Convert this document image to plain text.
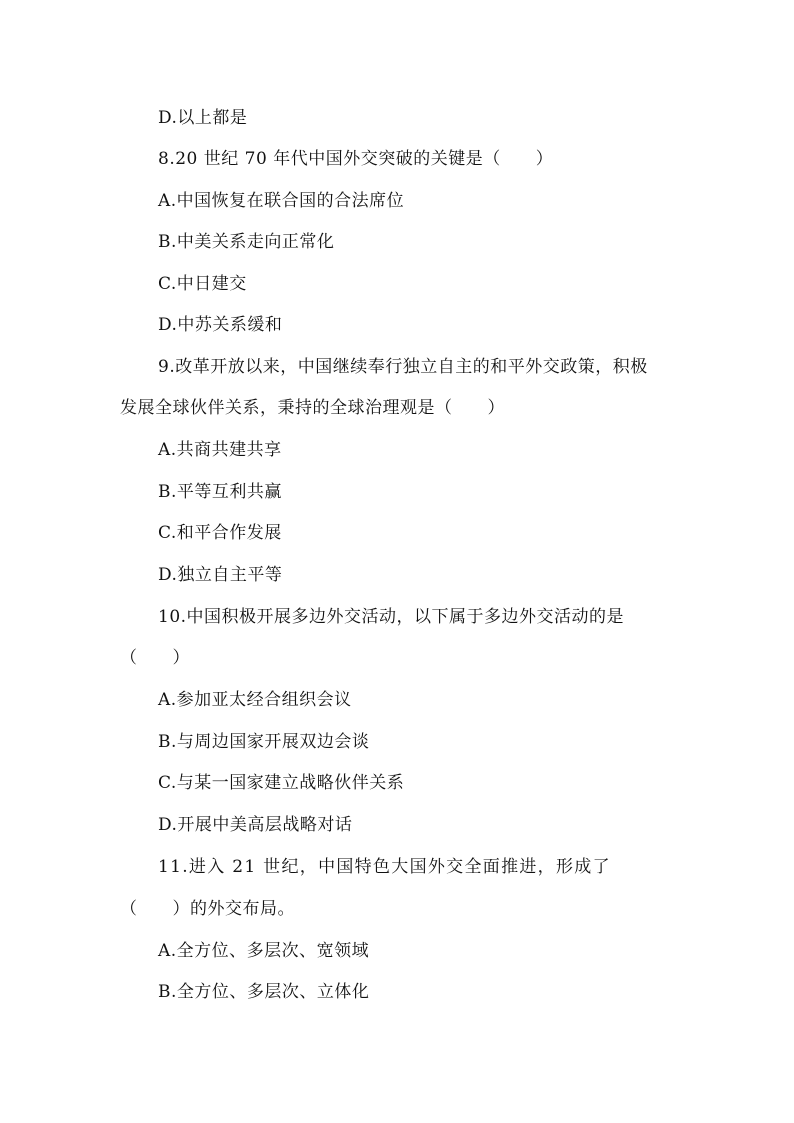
D.以上都是
8.20 世纪 70 年代中国外交突破的关键是（　　）
A.中国恢复在联合国的合法席位
B.中美关系走向正常化
C.中日建交
D.中苏关系缓和
9.改革开放以来，中国继续奉行独立自主的和平外交政策，积极
发展全球伙伴关系，秉持的全球治理观是（　　）
A.共商共建共享
B.平等互利共赢
C.和平合作发展
D.独立自主平等
10.中国积极开展多边外交活动，以下属于多边外交活动的是
（　　）
A.参加亚太经合组织会议
B.与周边国家开展双边会谈
C.与某一国家建立战略伙伴关系
D.开展中美高层战略对话
11.进入 21 世纪，中国特色大国外交全面推进，形成了
（　　）的外交布局。
A.全方位、多层次、宽领域
B.全方位、多层次、立体化
